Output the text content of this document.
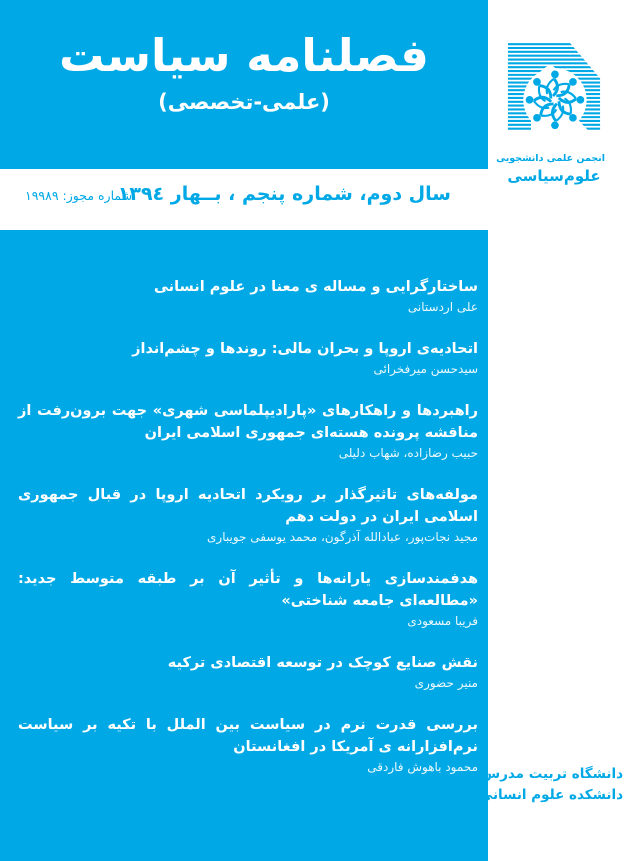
فصلنامه سیاست
(علمی-تخصصی)
سال دوم، شماره پنجم ، بــهار ١٣٩٤
شماره مجوز: ١٩٩٨٩
انجمن علمی دانشجویی
علوم‌سیاسی
ساختارگرایی و مساله ی معنا در علوم انسانی
علی اردستانی
اتحادیه‌ی اروپا و بحران مالی: روندها و چشم‌انداز
سیدحسن میرفخرائی
راهبردها و راهکارهای «پارادیپلماسی شهری» جهت برون‌رفت از مناقشه پرونده هسته‌ای جمهوری اسلامی ایران
حبیب رضازاده، شهاب دلیلی
مولفه‌های تاثیرگذار بر رویکرد اتحادیه اروپا در قبال جمهوری اسلامی ایران در دولت دهم
مجید نجات‌پور، عبادالله آذرگون، محمد یوسفی جویباری
هدفمندسازی یارانه‌ها و تأثیر آن بر طبقه متوسط جدید: «مطالعه‌ای جامعه شناختی»
فریبا مسعودی
نقش صنایع کوچک در توسعه اقتصادی ترکیه
منیر حضوری
بررسی قدرت نرم در سیاست بین الملل با تکیه بر سیاست نرم‌افزارانه ی آمریکا در افغانستان
محمود باهوش فاردقی دانشگاه تربیت مدرس
دانشکده علوم انسانی
